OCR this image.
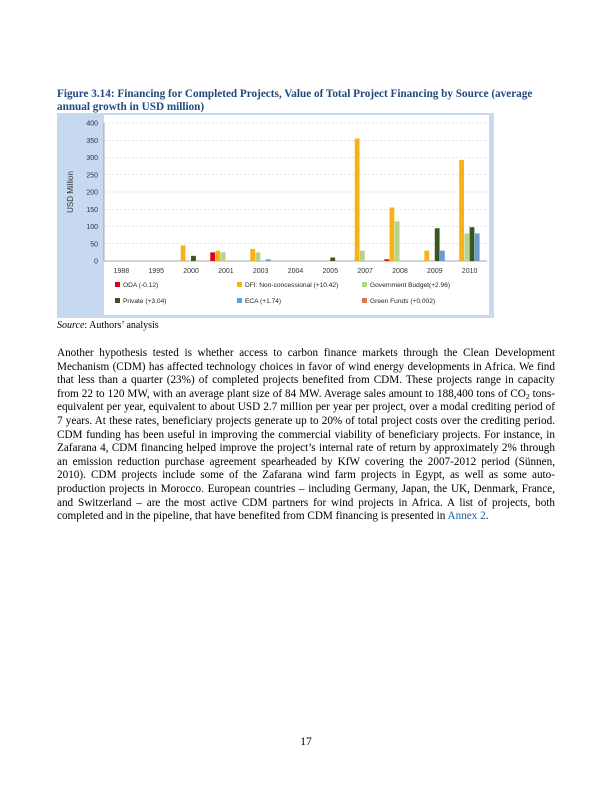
Figure 3.14: Financing for Completed Projects, Value of Total Project Financing by Source (average annual growth in USD million)

0
50
100
150
200
250
300
350
400
USD Million
1988	1995	2000	2001	2003	2004	2005	2007	2008	2009	2010
ODA (-0.12)	DFI: Non-concessional (+10.42)	Government Budget(+2.96)
Private (+3.04)	ECA (+1.74)	Green Funds (+0.002)

Source: Authors’ analysis

Another hypothesis tested is whether access to carbon finance markets through the Clean Development Mechanism (CDM) has affected technology choices in favor of wind energy developments in Africa. We find that less than a quarter (23%) of completed projects benefited from CDM. These projects range in capacity from 22 to 120 MW, with an average plant size of 84 MW. Average sales amount to 188,400 tons of $CO_2$ tons-equivalent per year, equivalent to about USD 2.7 million per year per project, over a modal crediting period of 7 years. At these rates, beneficiary projects generate up to 20% of total project costs over the crediting period. CDM funding has been useful in improving the commercial viability of beneficiary projects. For instance, in Zafarana 4, CDM financing helped improve the project’s internal rate of return by approximately 2% through an emission reduction purchase agreement spearheaded by KfW covering the 2007-2012 period (Sünnen, 2010). CDM projects include some of the Zafarana wind farm projects in Egypt, as well as some auto-production projects in Morocco. European countries – including Germany, Japan, the UK, Denmark, France, and Switzerland – are the most active CDM partners for wind projects in Africa. A list of projects, both completed and in the pipeline, that have benefited from CDM financing is presented in Annex 2.

17
